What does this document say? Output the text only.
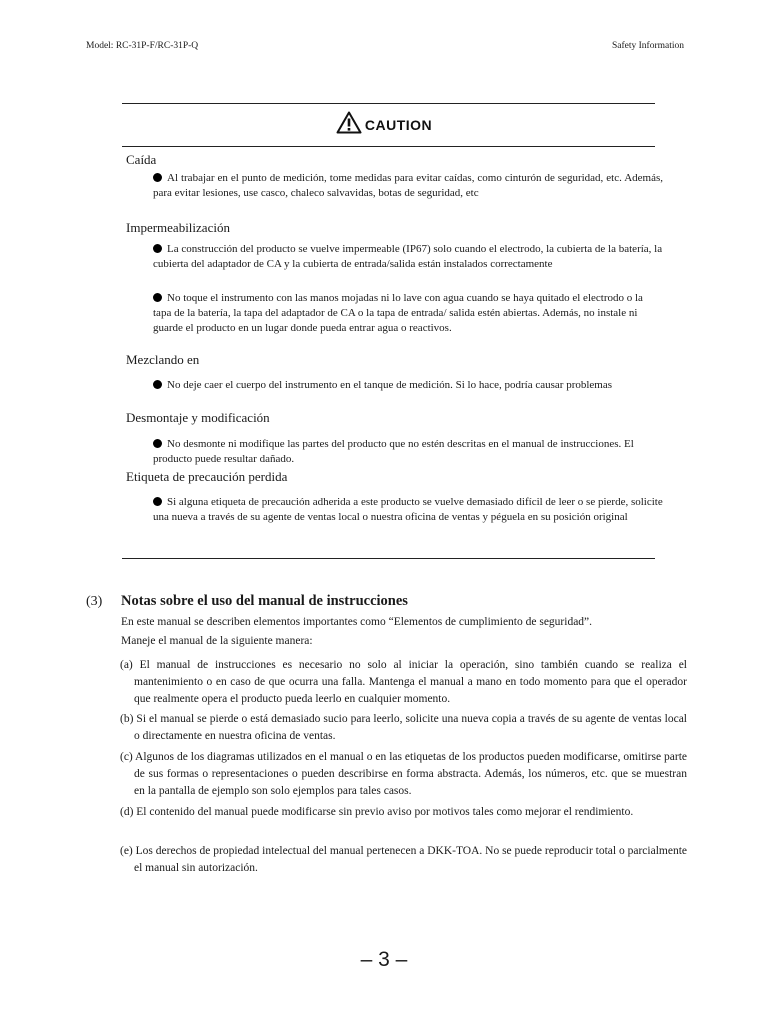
Model: RC-31P-F/RC-31P-Q	Safety Information
CAUTION
Caída
Al trabajar en el punto de medición, tome medidas para evitar caídas, como cinturón de seguridad, etc. Además, para evitar lesiones, use casco, chaleco salvavidas, botas de seguridad, etc
Impermeabilización
La construcción del producto se vuelve impermeable (IP67) solo cuando el electrodo, la cubierta de la batería, la cubierta del adaptador de CA y la cubierta de entrada/salida están instalados correctamente
No toque el instrumento con las manos mojadas ni lo lave con agua cuando se haya quitado el electrodo o la tapa de la batería, la tapa del adaptador de CA o la tapa de entrada/ salida estén abiertas. Además, no instale ni guarde el producto en un lugar donde pueda entrar agua o reactivos.
Mezclando en
No deje caer el cuerpo del instrumento en el tanque de medición. Si lo hace, podría causar problemas
Desmontaje y modificación
No desmonte ni modifique las partes del producto que no estén descritas en el manual de instrucciones. El producto puede resultar dañado.
Etiqueta de precaución perdida
Si alguna etiqueta de precaución adherida a este producto se vuelve demasiado difícil de leer o se pierde, solicite una nueva a través de su agente de ventas local o nuestra oficina de ventas y péguela en su posición original
(3) Notas sobre el uso del manual de instrucciones
En este manual se describen elementos importantes como “Elementos de cumplimiento de seguridad”.
Maneje el manual de la siguiente manera:
(a) El manual de instrucciones es necesario no solo al iniciar la operación, sino también cuando se realiza el mantenimiento o en caso de que ocurra una falla. Mantenga el manual a mano en todo momento para que el operador que realmente opera el producto pueda leerlo en cualquier momento.
(b) Si el manual se pierde o está demasiado sucio para leerlo, solicite una nueva copia a través de su agente de ventas local o directamente en nuestra oficina de ventas.
(c) Algunos de los diagramas utilizados en el manual o en las etiquetas de los productos pueden modificarse, omitirse parte de sus formas o representaciones o pueden describirse en forma abstracta. Además, los números, etc. que se muestran en la pantalla de ejemplo son solo ejemplos para tales casos.
(d) El contenido del manual puede modificarse sin previo aviso por motivos tales como mejorar el rendimiento.
(e) Los derechos de propiedad intelectual del manual pertenecen a DKK-TOA. No se puede reproducir total o parcialmente el manual sin autorización.
– 3 –
